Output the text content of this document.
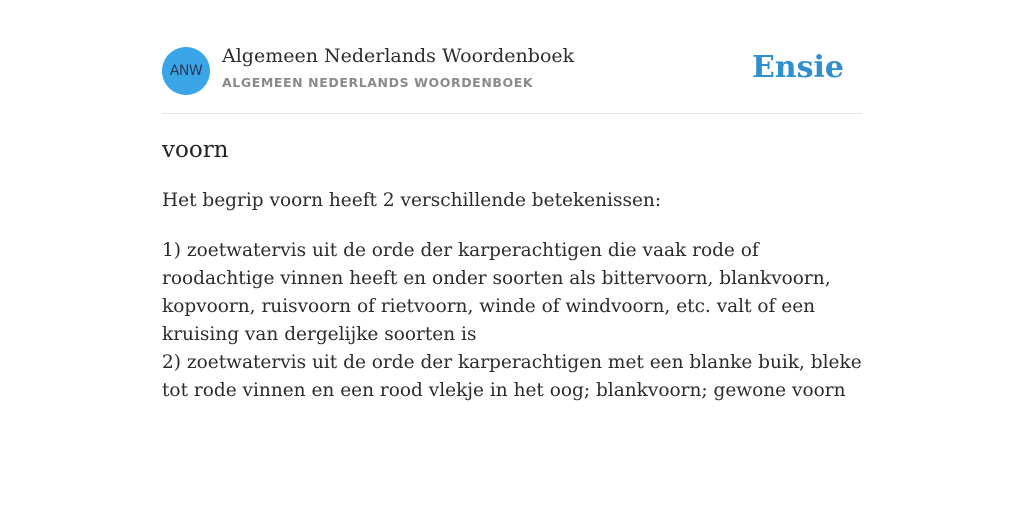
ANW
Algemeen Nederlands Woordenboek
ALGEMEEN NEDERLANDS WOORDENBOEK	Ensie
voorn

Het begrip voorn heeft 2 verschillende betekenissen:

1) zoetwatervis uit de orde der karperachtigen die vaak rode of roodachtige vinnen heeft en onder soorten als bittervoorn, blankvoorn, kopvoorn, ruisvoorn of rietvoorn, winde of windvoorn, etc. valt of een kruising van dergelijke soorten is
2) zoetwatervis uit de orde der karperachtigen met een blanke buik, bleke tot rode vinnen en een rood vlekje in het oog; blankvoorn; gewone voorn
